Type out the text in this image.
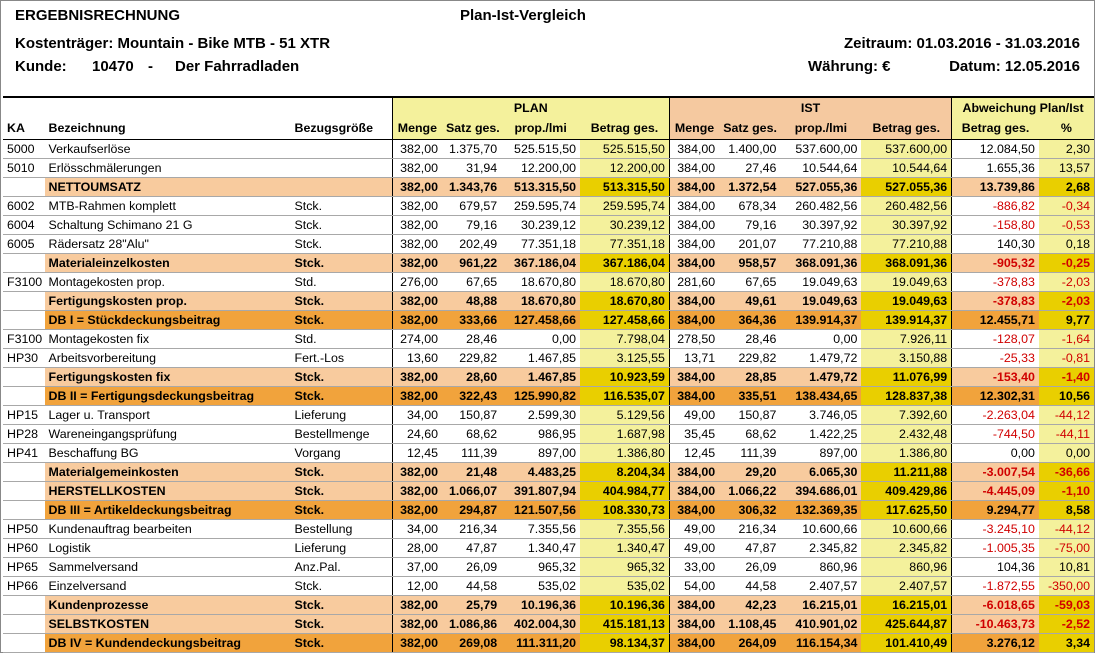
ERGEBNISRECHNUNG	Plan-Ist-Vergleich
Kostenträger: Mountain - Bike MTB - 51 XTR
Kunde: 10470 - Der Fahrradladen
Zeitraum: 01.03.2016 - 31.03.2016
Währung: €	Datum: 12.05.2016
			PLAN				IST				Abweichung Plan/Ist	
KA	Bezeichnung	Bezugsgröße	Menge	Satz ges.	prop./lmi	Betrag ges.	Menge	Satz ges.	prop./lmi	Betrag ges.	Betrag ges.	%
5000	Verkaufserlöse		382,00	1.375,70	525.515,50	525.515,50	384,00	1.400,00	537.600,00	537.600,00	12.084,50	2,30
5010	Erlösschmälerungen		382,00	31,94	12.200,00	12.200,00	384,00	27,46	10.544,64	10.544,64	1.655,36	13,57
	NETTOUMSATZ		382,00	1.343,76	513.315,50	513.315,50	384,00	1.372,54	527.055,36	527.055,36	13.739,86	2,68
6002	MTB-Rahmen komplett	Stck.	382,00	679,57	259.595,74	259.595,74	384,00	678,34	260.482,56	260.482,56	-886,82	-0,34
6004	Schaltung Schimano 21 G	Stck.	382,00	79,16	30.239,12	30.239,12	384,00	79,16	30.397,92	30.397,92	-158,80	-0,53
6005	Rädersatz 28"Alu"	Stck.	382,00	202,49	77.351,18	77.351,18	384,00	201,07	77.210,88	77.210,88	140,30	0,18
	Materialeinzelkosten	Stck.	382,00	961,22	367.186,04	367.186,04	384,00	958,57	368.091,36	368.091,36	-905,32	-0,25
F3100	Montagekosten prop.	Std.	276,00	67,65	18.670,80	18.670,80	281,60	67,65	19.049,63	19.049,63	-378,83	-2,03
	Fertigungskosten prop.	Stck.	382,00	48,88	18.670,80	18.670,80	384,00	49,61	19.049,63	19.049,63	-378,83	-2,03
	DB I = Stückdeckungsbeitrag	Stck.	382,00	333,66	127.458,66	127.458,66	384,00	364,36	139.914,37	139.914,37	12.455,71	9,77
F3100	Montagekosten fix	Std.	274,00	28,46	0,00	7.798,04	278,50	28,46	0,00	7.926,11	-128,07	-1,64
HP30	Arbeitsvorbereitung	Fert.-Los	13,60	229,82	1.467,85	3.125,55	13,71	229,82	1.479,72	3.150,88	-25,33	-0,81
	Fertigungskosten fix	Stck.	382,00	28,60	1.467,85	10.923,59	384,00	28,85	1.479,72	11.076,99	-153,40	-1,40
	DB II = Fertigungsdeckungsbeitrag	Stck.	382,00	322,43	125.990,82	116.535,07	384,00	335,51	138.434,65	128.837,38	12.302,31	10,56
HP15	Lager u. Transport	Lieferung	34,00	150,87	2.599,30	5.129,56	49,00	150,87	3.746,05	7.392,60	-2.263,04	-44,12
HP28	Wareneingangsprüfung	Bestellmenge	24,60	68,62	986,95	1.687,98	35,45	68,62	1.422,25	2.432,48	-744,50	-44,11
HP41	Beschaffung BG	Vorgang	12,45	111,39	897,00	1.386,80	12,45	111,39	897,00	1.386,80	0,00	0,00
	Materialgemeinkosten	Stck.	382,00	21,48	4.483,25	8.204,34	384,00	29,20	6.065,30	11.211,88	-3.007,54	-36,66
	HERSTELLKOSTEN	Stck.	382,00	1.066,07	391.807,94	404.984,77	384,00	1.066,22	394.686,01	409.429,86	-4.445,09	-1,10
	DB III = Artikeldeckungsbeitrag	Stck.	382,00	294,87	121.507,56	108.330,73	384,00	306,32	132.369,35	117.625,50	9.294,77	8,58
HP50	Kundenauftrag bearbeiten	Bestellung	34,00	216,34	7.355,56	7.355,56	49,00	216,34	10.600,66	10.600,66	-3.245,10	-44,12
HP60	Logistik	Lieferung	28,00	47,87	1.340,47	1.340,47	49,00	47,87	2.345,82	2.345,82	-1.005,35	-75,00
HP65	Sammelversand	Anz.Pal.	37,00	26,09	965,32	965,32	33,00	26,09	860,96	860,96	104,36	10,81
HP66	Einzelversand	Stck.	12,00	44,58	535,02	535,02	54,00	44,58	2.407,57	2.407,57	-1.872,55	-350,00
	Kundenprozesse	Stck.	382,00	25,79	10.196,36	10.196,36	384,00	42,23	16.215,01	16.215,01	-6.018,65	-59,03
	SELBSTKOSTEN	Stck.	382,00	1.086,86	402.004,30	415.181,13	384,00	1.108,45	410.901,02	425.644,87	-10.463,73	-2,52
	DB IV = Kundendeckungsbeitrag	Stck.	382,00	269,08	111.311,20	98.134,37	384,00	264,09	116.154,34	101.410,49	3.276,12	3,34
